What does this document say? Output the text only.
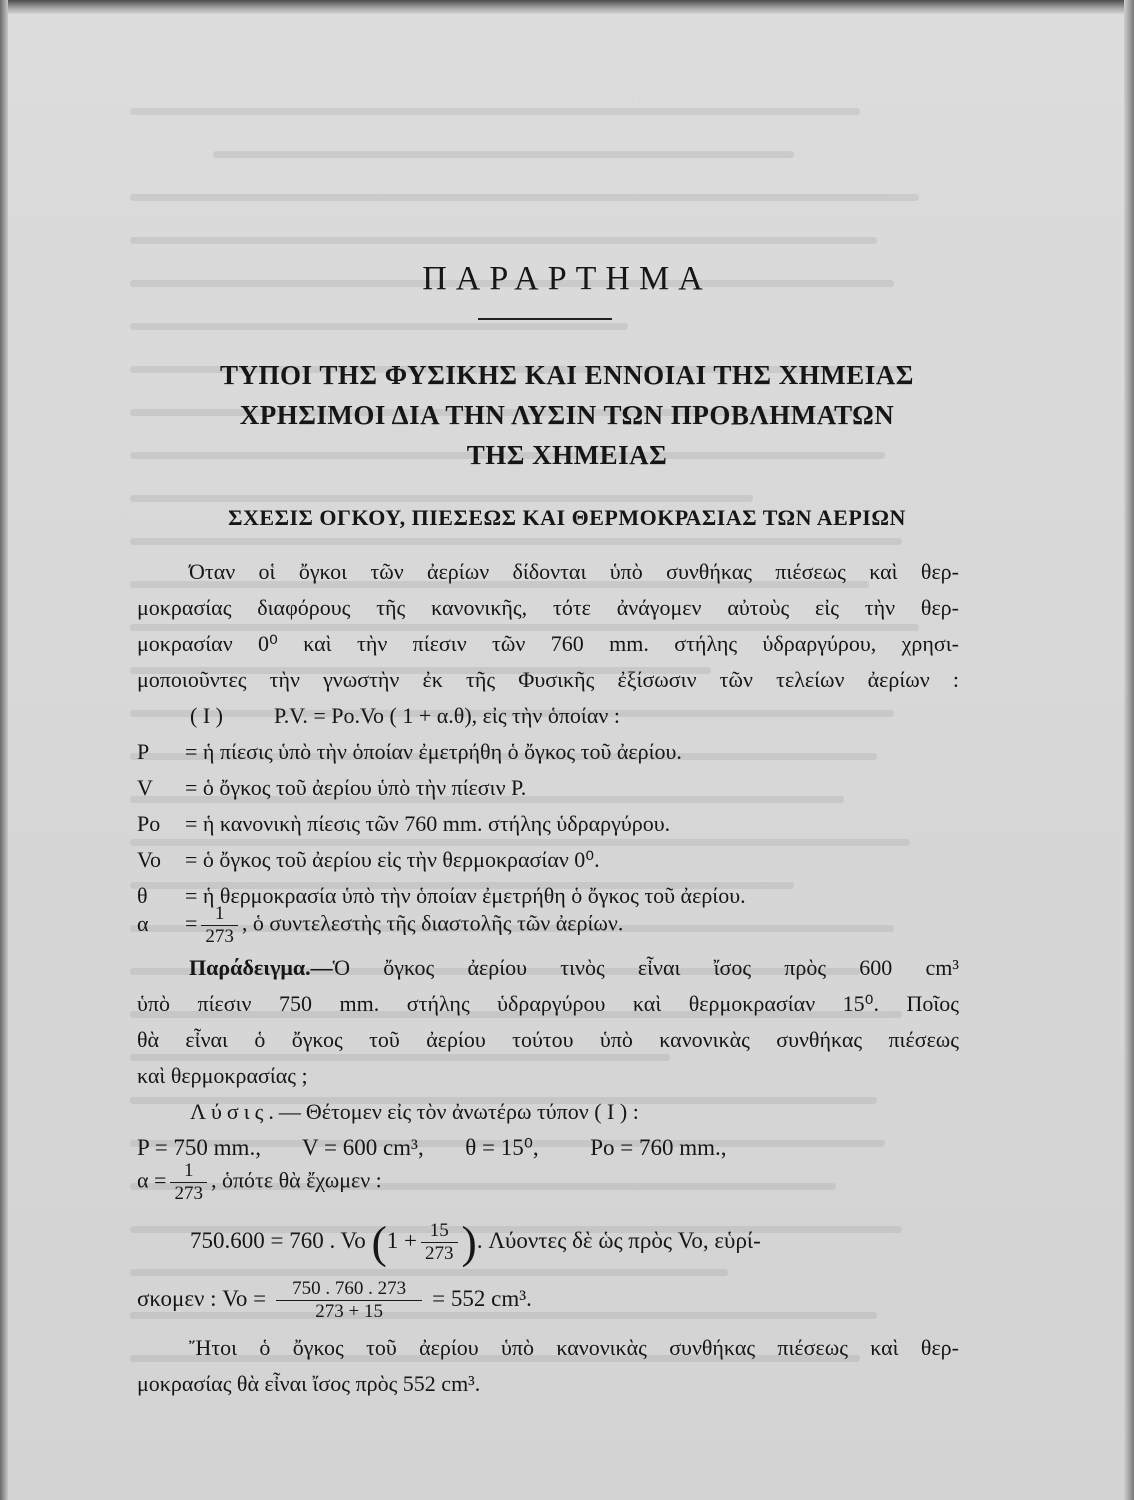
ΠΑΡΑΡΤΗΜΑ
ΤΥΠΟΙ ΤΗΣ ΦΥΣΙΚΗΣ ΚΑΙ ΕΝΝΟΙΑΙ ΤΗΣ ΧΗΜΕΙΑΣ
ΧΡΗΣΙΜΟΙ ΔΙΑ ΤΗΝ ΛΥΣΙΝ ΤΩΝ ΠΡΟΒΛΗΜΑΤΩΝ
ΤΗΣ ΧΗΜΕΙΑΣ
ΣΧΕΣΙΣ ΟΓΚΟΥ, ΠΙΕΣΕΩΣ ΚΑΙ ΘΕΡΜΟΚΡΑΣΙΑΣ ΤΩΝ ΑΕΡΙΩΝ
Όταν οἱ ὄγκοι τῶν ἀερίων δίδονται ὑπὸ συνθήκας πιέσεως καὶ θερ-
μοκρασίας διαφόρους τῆς κανονικῆς, τότε ἀνάγομεν αὐτοὺς εἰς τὴν θερ-
μοκρασίαν 0⁰ καὶ τὴν πίεσιν τῶν 760 mm. στήλης ὑδραργύρου, χρησι-
μοποιοῦντες τὴν γνωστὴν ἐκ τῆς Φυσικῆς ἐξίσωσιν τῶν τελείων ἀερίων :
( Ι ) P.V. = Po.Vo ( 1 + α.θ), εἰς τὴν ὁποίαν :
P = ἡ πίεσις ὑπὸ τὴν ὁποίαν ἐμετρήθη ὁ ὄγκος τοῦ ἀερίου.
V = ὁ ὄγκος τοῦ ἀερίου ὑπὸ τὴν πίεσιν P.
Po = ἡ κανονικὴ πίεσις τῶν 760 mm. στήλης ὑδραργύρου.
Vo = ὁ ὄγκος τοῦ ἀερίου εἰς τὴν θερμοκρασίαν 0⁰.
θ = ἡ θερμοκρασία ὑπὸ τὴν ὁποίαν ἐμετρήθη ὁ ὄγκος τοῦ ἀερίου.
$\alpha = \frac{1}{273}$ , ὁ συντελεστὴς τῆς διαστολῆς τῶν ἀερίων.
Παράδειγμα.—Ὁ ὄγκος ἀερίου τινὸς εἶναι ἴσος πρὸς 600 cm³
ὑπὸ πίεσιν 750 mm. στήλης ὑδραργύρου καὶ θερμοκρασίαν 15⁰. Ποῖος
θὰ εἶναι ὁ ὄγκος τοῦ ἀερίου τούτου ὑπὸ κανονικὰς συνθήκας πιέσεως
καὶ θερμοκρασίας ;
Λύσις.—Θέτομεν εἰς τὸν ἀνωτέρω τύπον ( Ι ) :
P = 750 mm., V = 600 cm³, θ = 15⁰, Po = 760 mm.,
$\alpha = \frac{1}{273}$ , ὁπότε θὰ ἔχωμεν :
750.600 = 760 . Vo ($1 + \frac{15}{273}$ ). Λύοντες δὲ ὡς πρὸς Vo, εὑρί-
σκομεν : $Vo = \frac{750 . 760 . 273}{273 + 15} = 552$ cm³.
Ἤτοι ὁ ὄγκος τοῦ ἀερίου ὑπὸ κανονικὰς συνθήκας πιέσεως καὶ θερ-
μοκρασίας θὰ εἶναι ἴσος πρὸς 552 cm³.
